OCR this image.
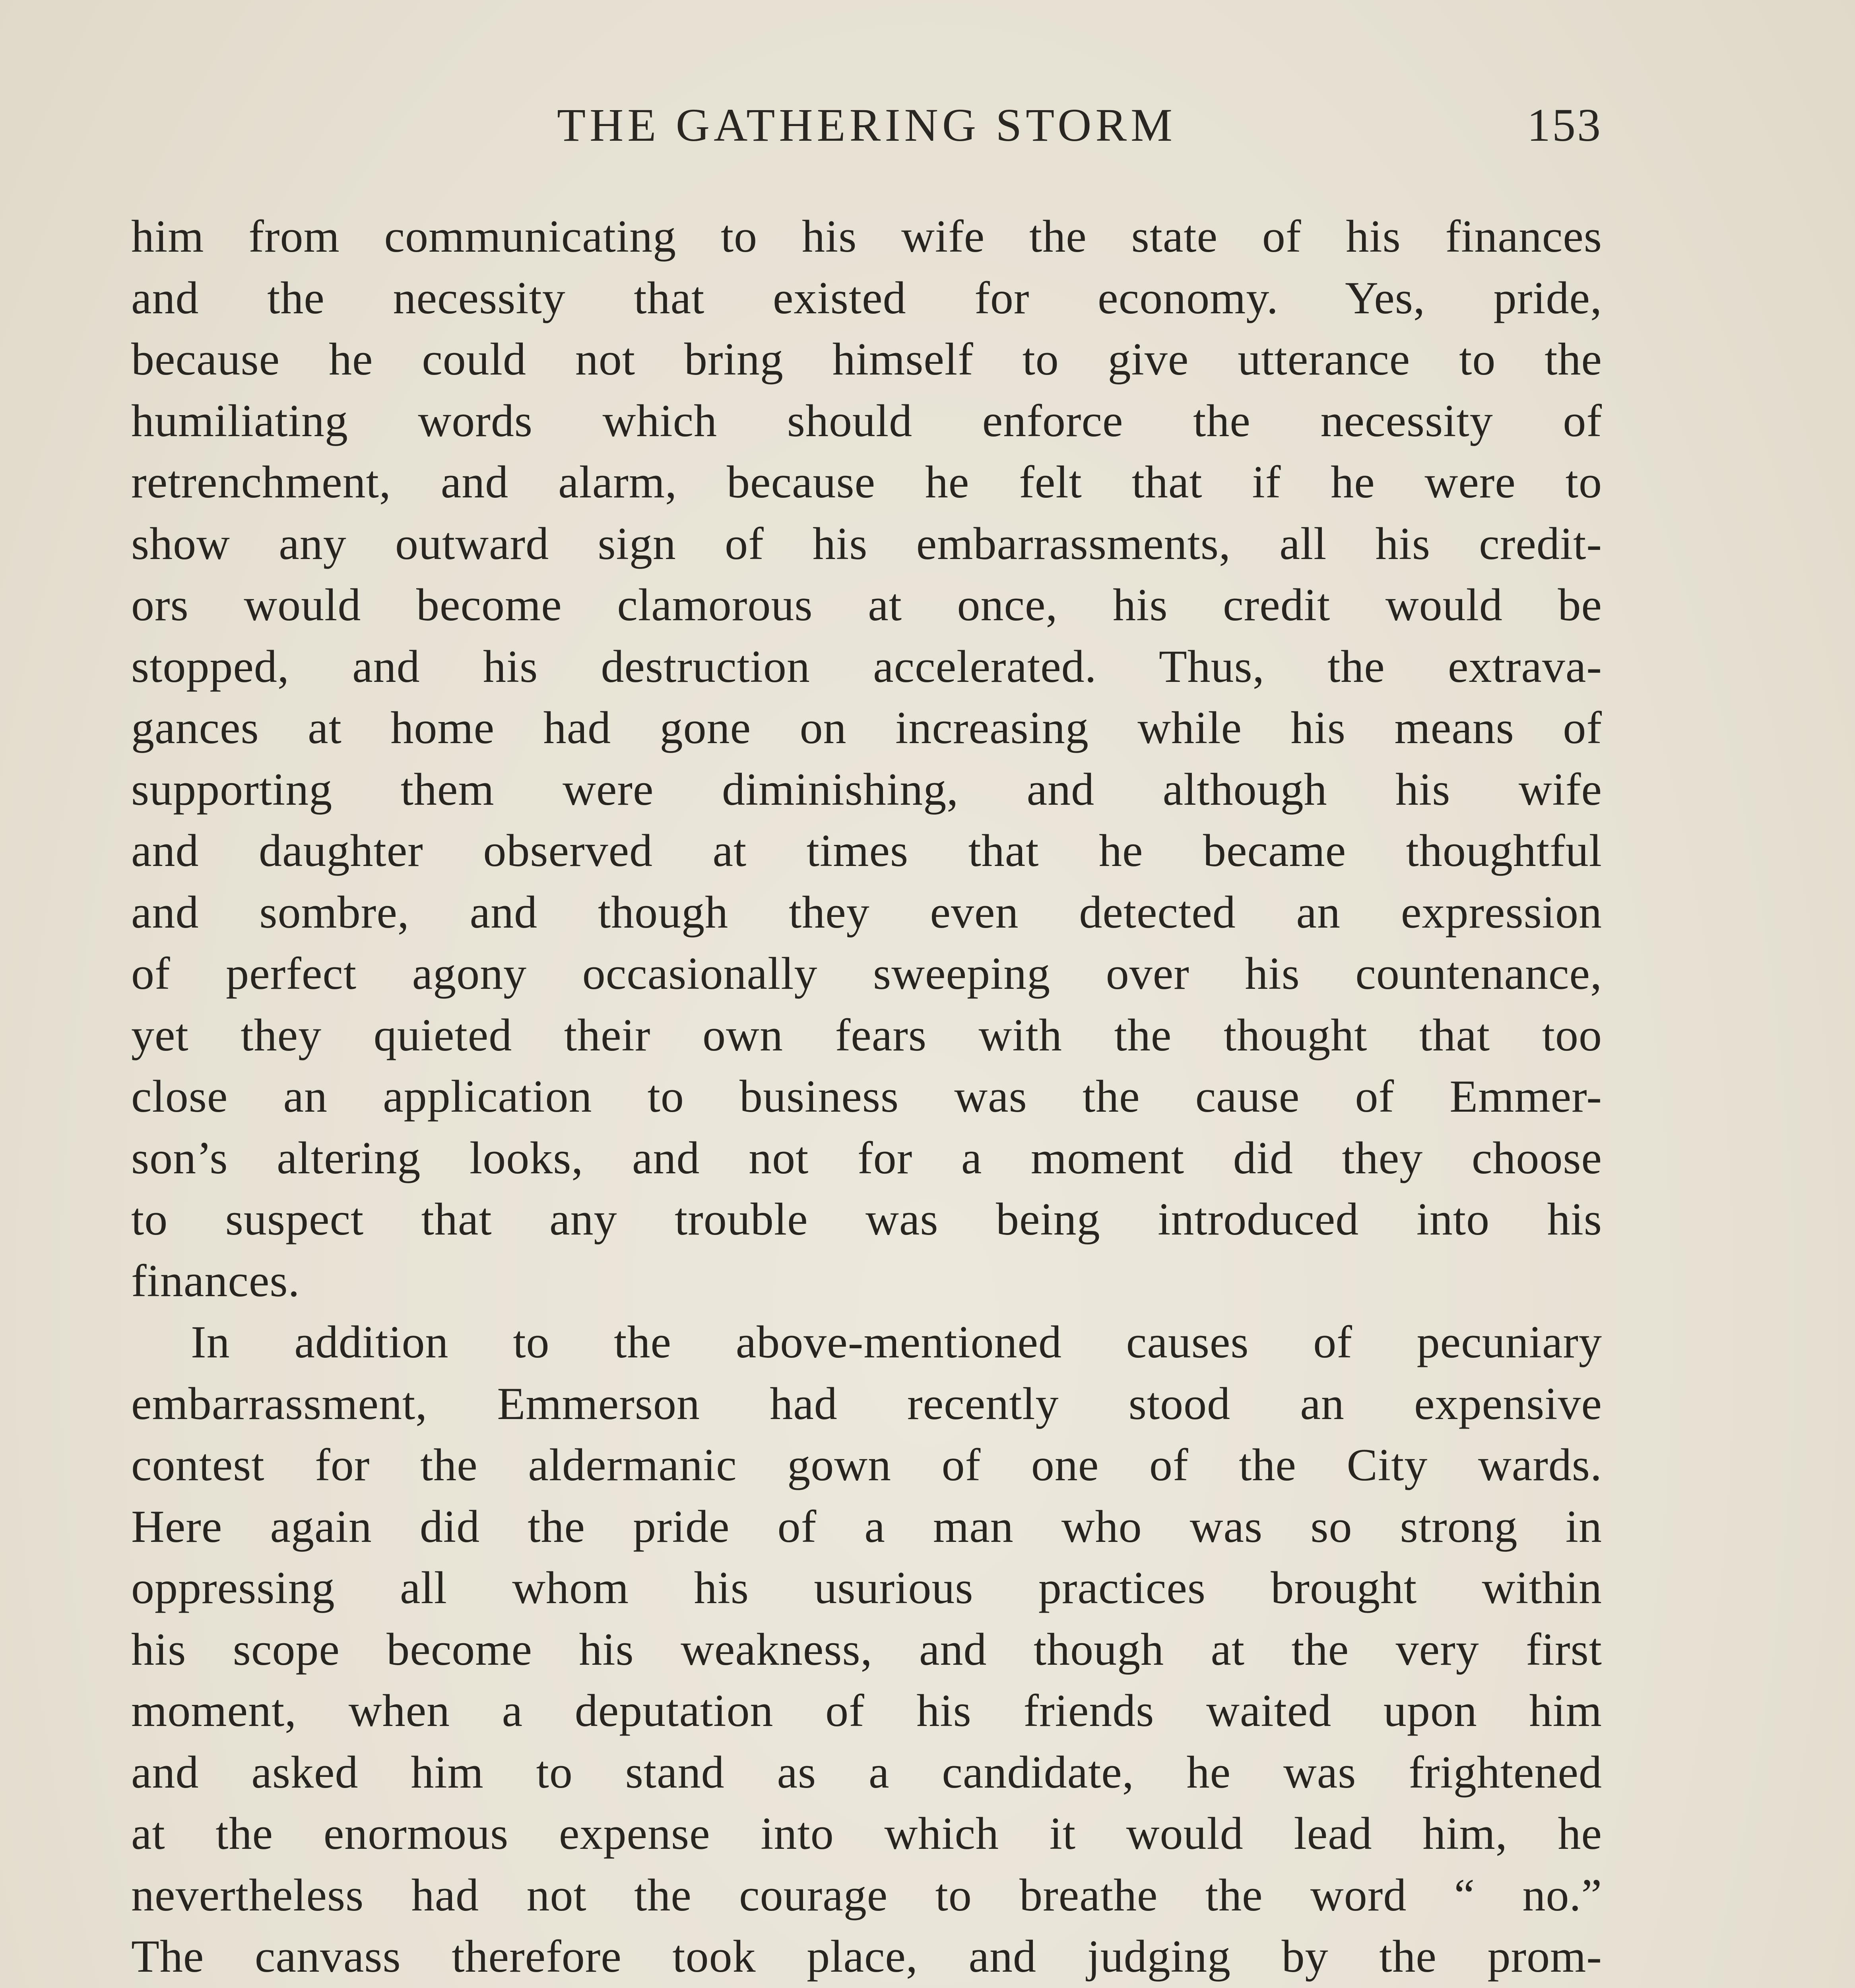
THE GATHERING STORM	153
him from communicating to his wife the state of his finances
and the necessity that existed for economy. Yes, pride,
because he could not bring himself to give utterance to the
humiliating words which should enforce the necessity of
retrenchment, and alarm, because he felt that if he were to
show any outward sign of his embarrassments, all his credit-
ors would become clamorous at once, his credit would be
stopped, and his destruction accelerated. Thus, the extrava-
gances at home had gone on increasing while his means of
supporting them were diminishing, and although his wife
and daughter observed at times that he became thoughtful
and sombre, and though they even detected an expression
of perfect agony occasionally sweeping over his countenance,
yet they quieted their own fears with the thought that too
close an application to business was the cause of Emmer-
son’s altering looks, and not for a moment did they choose
to suspect that any trouble was being introduced into his
finances.
In addition to the above-mentioned causes of pecuniary
embarrassment, Emmerson had recently stood an expensive
contest for the aldermanic gown of one of the City wards.
Here again did the pride of a man who was so strong in
oppressing all whom his usurious practices brought within
his scope become his weakness, and though at the very first
moment, when a deputation of his friends waited upon him
and asked him to stand as a candidate, he was frightened
at the enormous expense into which it would lead him, he
nevertheless had not the courage to breathe the word “ no.”
The canvass therefore took place, and judging by the prom-
